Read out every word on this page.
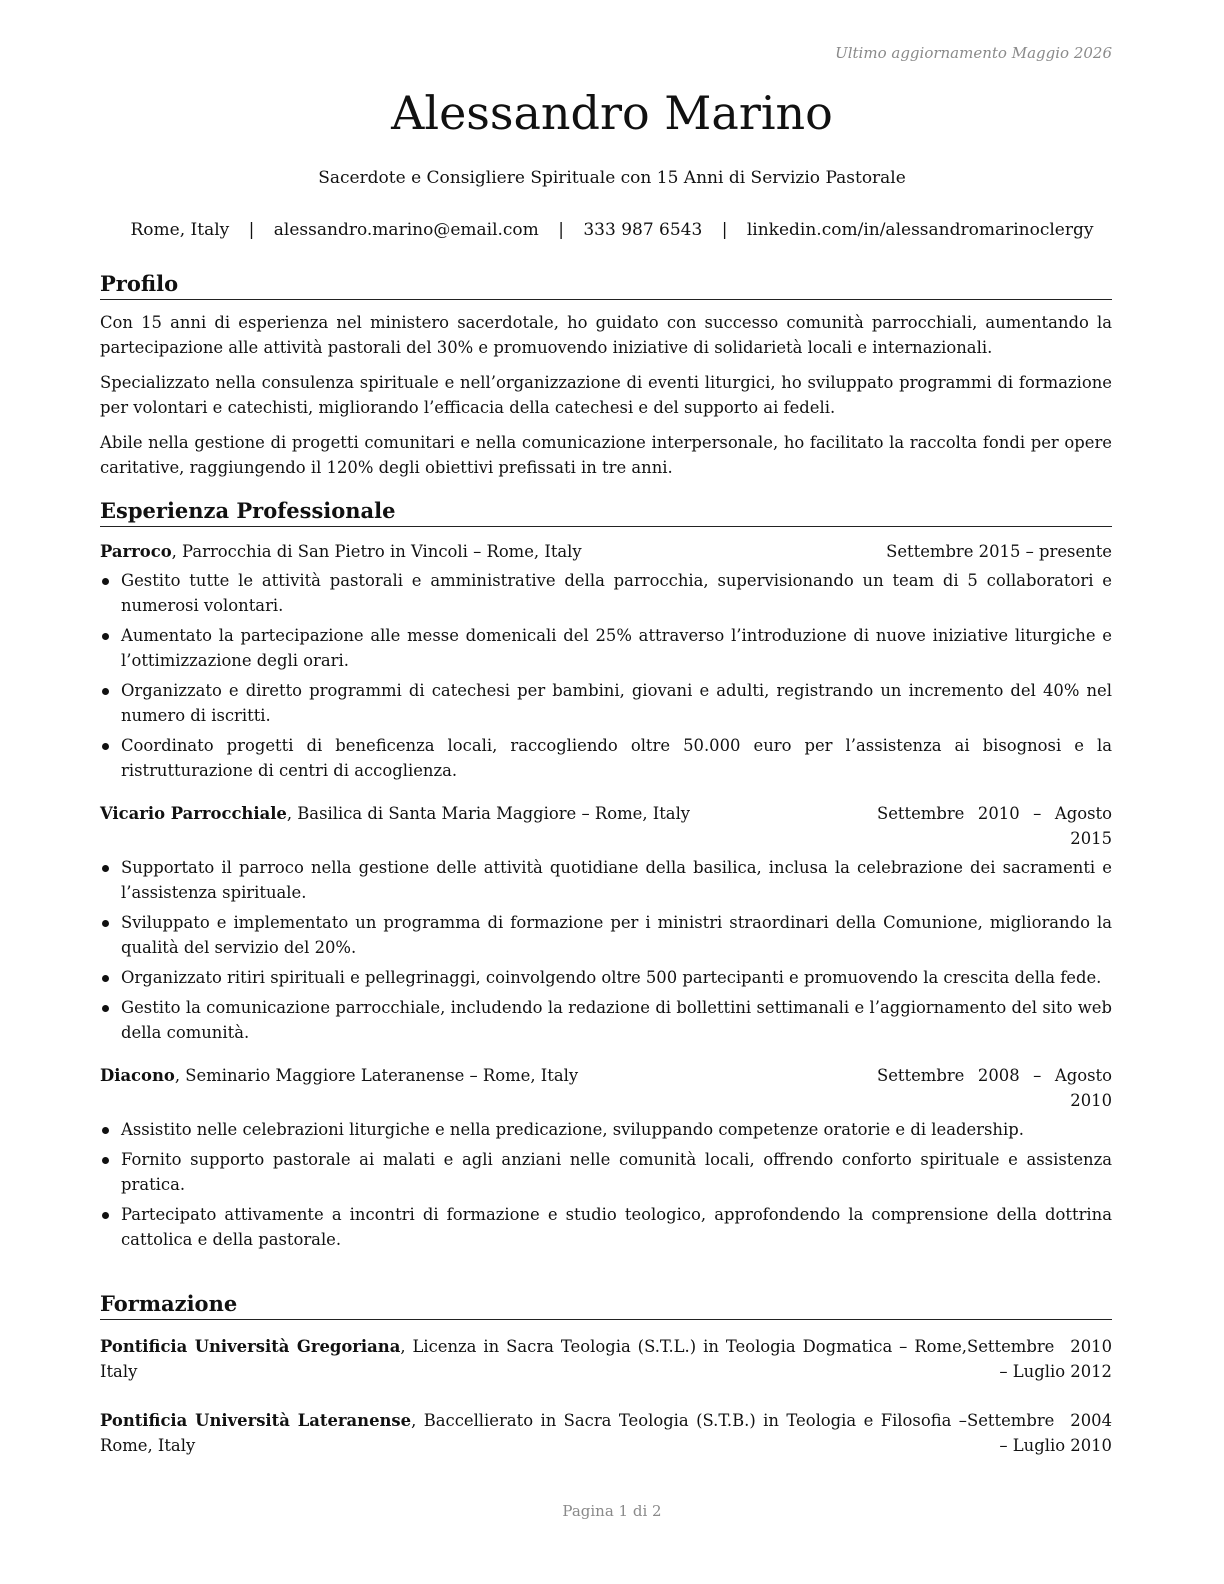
Ultimo aggiornamento Maggio 2026
Alessandro Marino
Sacerdote e Consigliere Spirituale con 15 Anni di Servizio Pastorale
Rome, Italy | alessandro.marino@email.com | 333 987 6543 | linkedin.com/in/alessandromarinoclergy
Profilo

Con 15 anni di esperienza nel ministero sacerdotale, ho guidato con successo comunità parrocchiali, aumentando la partecipazione alle attività pastorali del 30% e promuovendo iniziative di solidarietà locali e internazionali.

Specializzato nella consulenza spirituale e nell’organizzazione di eventi liturgici, ho sviluppato programmi di formazione per volontari e catechisti, migliorando l’efficacia della catechesi e del supporto ai fedeli.

Abile nella gestione di progetti comunitari e nella comunicazione interpersonale, ho facilitato la raccolta fondi per opere caritative, raggiungendo il 120% degli obiettivi prefissati in tre anni.

Esperienza Professionale
Parroco, Parrocchia di San Pietro in Vincoli – Rome, Italy	Settembre 2015 – presente
Gestito tutte le attività pastorali e amministrative della parrocchia, supervisionando un team di 5 collaboratori e numerosi volontari.
Aumentato la partecipazione alle messe domenicali del 25% attraverso l’introduzione di nuove iniziative liturgiche e l’ottimizzazione degli orari.
Organizzato e diretto programmi di catechesi per bambini, giovani e adulti, registrando un incremento del 40% nel numero di iscritti.
Coordinato progetti di beneficenza locali, raccogliendo oltre 50.000 euro per l’assistenza ai bisognosi e la ristrutturazione di centri di accoglienza.
Vicario Parrocchiale, Basilica di Santa Maria Maggiore – Rome, Italy	Settembre 2010 – Agosto 2015
Supportato il parroco nella gestione delle attività quotidiane della basilica, inclusa la celebrazione dei sacramenti e l’assistenza spirituale.
Sviluppato e implementato un programma di formazione per i ministri straordinari della Comunione, migliorando la qualità del servizio del 20%.
Organizzato ritiri spirituali e pellegrinaggi, coinvolgendo oltre 500 partecipanti e promuovendo la crescita della fede.
Gestito la comunicazione parrocchiale, includendo la redazione di bollettini settimanali e l’aggiornamento del sito web della comunità.
Diacono, Seminario Maggiore Lateranense – Rome, Italy	Settembre 2008 – Agosto 2010
Assistito nelle celebrazioni liturgiche e nella predicazione, sviluppando competenze oratorie e di leadership.
Fornito supporto pastorale ai malati e agli anziani nelle comunità locali, offrendo conforto spirituale e assistenza pratica.
Partecipato attivamente a incontri di formazione e studio teologico, approfondendo la comprensione della dottrina cattolica e della pastorale.
Formazione
Pontificia Università Gregoriana, Licenza in Sacra Teologia (S.T.L.) in Teologia Dogmatica – Rome, Italy
Settembre 2010 – Luglio 2012
Pontificia Università Lateranense, Baccellierato in Sacra Teologia (S.T.B.) in Teologia e Filosofia – Rome, Italy
Settembre 2004 – Luglio 2010
Pagina 1 di 2
